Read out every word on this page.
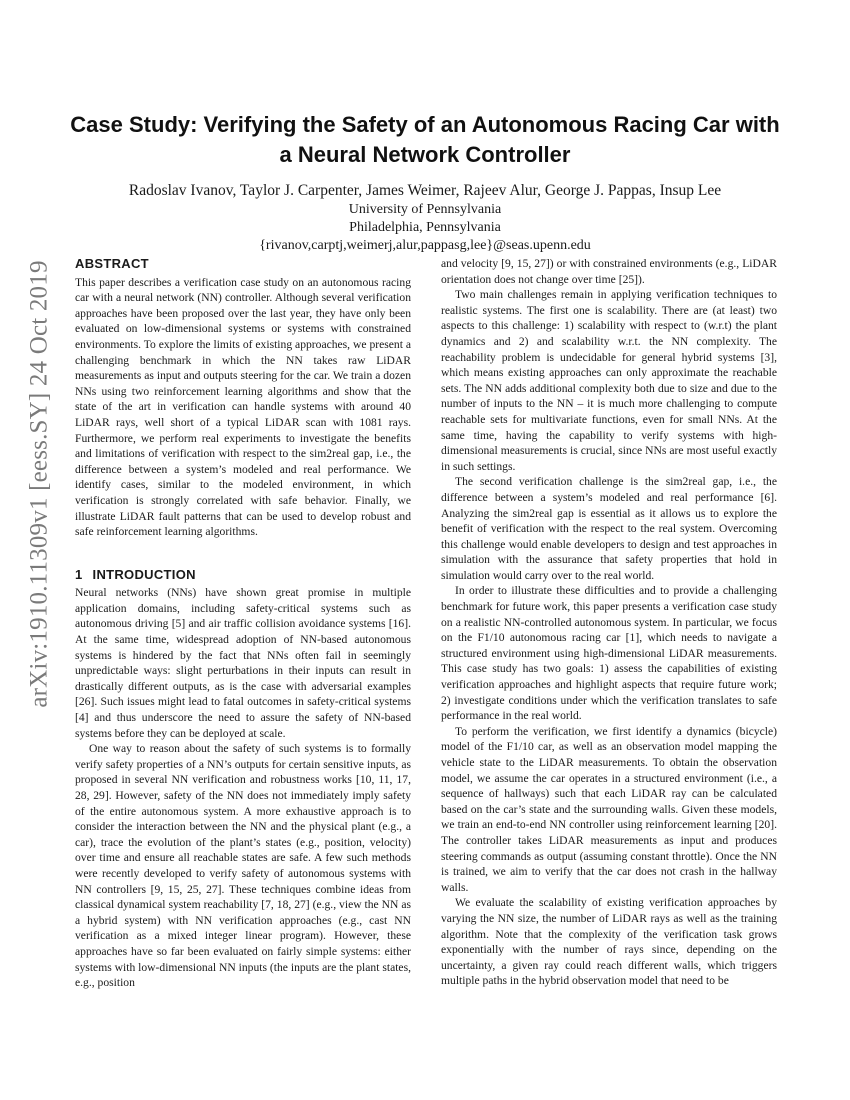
arXiv:1910.11309v1 [eess.SY] 24 Oct 2019
Case Study: Verifying the Safety of an Autonomous Racing Car with a Neural Network Controller
Radoslav Ivanov, Taylor J. Carpenter, James Weimer, Rajeev Alur, George J. Pappas, Insup Lee
University of Pennsylvania
Philadelphia, Pennsylvania
{rivanov,carptj,weimerj,alur,pappasg,lee}@seas.upenn.edu
ABSTRACT

This paper describes a verification case study on an autonomous racing car with a neural network (NN) controller. Although several verification approaches have been proposed over the last year, they have only been evaluated on low-dimensional systems or systems with constrained environments. To explore the limits of existing approaches, we present a challenging benchmark in which the NN takes raw LiDAR measurements as input and outputs steering for the car. We train a dozen NNs using two reinforcement learning algorithms and show that the state of the art in verification can handle systems with around 40 LiDAR rays, well short of a typical LiDAR scan with 1081 rays. Furthermore, we perform real experiments to investigate the benefits and limitations of verification with respect to the sim2real gap, i.e., the difference between a system’s modeled and real performance. We identify cases, similar to the modeled environment, in which verification is strongly correlated with safe behavior. Finally, we illustrate LiDAR fault patterns that can be used to develop robust and safe reinforcement learning algorithms.

1 INTRODUCTION

Neural networks (NNs) have shown great promise in multiple application domains, including safety-critical systems such as autonomous driving [5] and air traffic collision avoidance systems [16]. At the same time, widespread adoption of NN-based autonomous systems is hindered by the fact that NNs often fail in seemingly unpredictable ways: slight perturbations in their inputs can result in drastically different outputs, as is the case with adversarial examples [26]. Such issues might lead to fatal outcomes in safety-critical systems [4] and thus underscore the need to assure the safety of NN-based systems before they can be deployed at scale.

One way to reason about the safety of such systems is to formally verify safety properties of a NN’s outputs for certain sensitive inputs, as proposed in several NN verification and robustness works [10, 11, 17, 28, 29]. However, safety of the NN does not immediately imply safety of the entire autonomous system. A more exhaustive approach is to consider the interaction between the NN and the physical plant (e.g., a car), trace the evolution of the plant’s states (e.g., position, velocity) over time and ensure all reachable states are safe. A few such methods were recently developed to verify safety of autonomous systems with NN controllers [9, 15, 25, 27]. These techniques combine ideas from classical dynamical system reachability [7, 18, 27] (e.g., view the NN as a hybrid system) with NN verification approaches (e.g., cast NN verification as a mixed integer linear program). However, these approaches have so far been evaluated on fairly simple systems: either systems with low-dimensional NN inputs (the inputs are the plant states, e.g., position

and velocity [9, 15, 27]) or with constrained environments (e.g., LiDAR orientation does not change over time [25]).

Two main challenges remain in applying verification techniques to realistic systems. The first one is scalability. There are (at least) two aspects to this challenge: 1) scalability with respect to (w.r.t) the plant dynamics and 2) and scalability w.r.t. the NN complexity. The reachability problem is undecidable for general hybrid systems [3], which means existing approaches can only approximate the reachable sets. The NN adds additional complexity both due to size and due to the number of inputs to the NN – it is much more challenging to compute reachable sets for multivariate functions, even for small NNs. At the same time, having the capability to verify systems with high-dimensional measurements is crucial, since NNs are most useful exactly in such settings.

The second verification challenge is the sim2real gap, i.e., the difference between a system’s modeled and real performance [6]. Analyzing the sim2real gap is essential as it allows us to explore the benefit of verification with the respect to the real system. Overcoming this challenge would enable developers to design and test approaches in simulation with the assurance that safety properties that hold in simulation would carry over to the real world.

In order to illustrate these difficulties and to provide a challenging benchmark for future work, this paper presents a verification case study on a realistic NN-controlled autonomous system. In particular, we focus on the F1/10 autonomous racing car [1], which needs to navigate a structured environment using high-dimensional LiDAR measurements. This case study has two goals: 1) assess the capabilities of existing verification approaches and highlight aspects that require future work; 2) investigate conditions under which the verification translates to safe performance in the real world.

To perform the verification, we first identify a dynamics (bicycle) model of the F1/10 car, as well as an observation model mapping the vehicle state to the LiDAR measurements. To obtain the observation model, we assume the car operates in a structured environment (i.e., a sequence of hallways) such that each LiDAR ray can be calculated based on the car’s state and the surrounding walls. Given these models, we train an end-to-end NN controller using reinforcement learning [20]. The controller takes LiDAR measurements as input and produces steering commands as output (assuming constant throttle). Once the NN is trained, we aim to verify that the car does not crash in the hallway walls.

We evaluate the scalability of existing verification approaches by varying the NN size, the number of LiDAR rays as well as the training algorithm. Note that the complexity of the verification task grows exponentially with the number of rays since, depending on the uncertainty, a given ray could reach different walls, which triggers multiple paths in the hybrid observation model that need to be
